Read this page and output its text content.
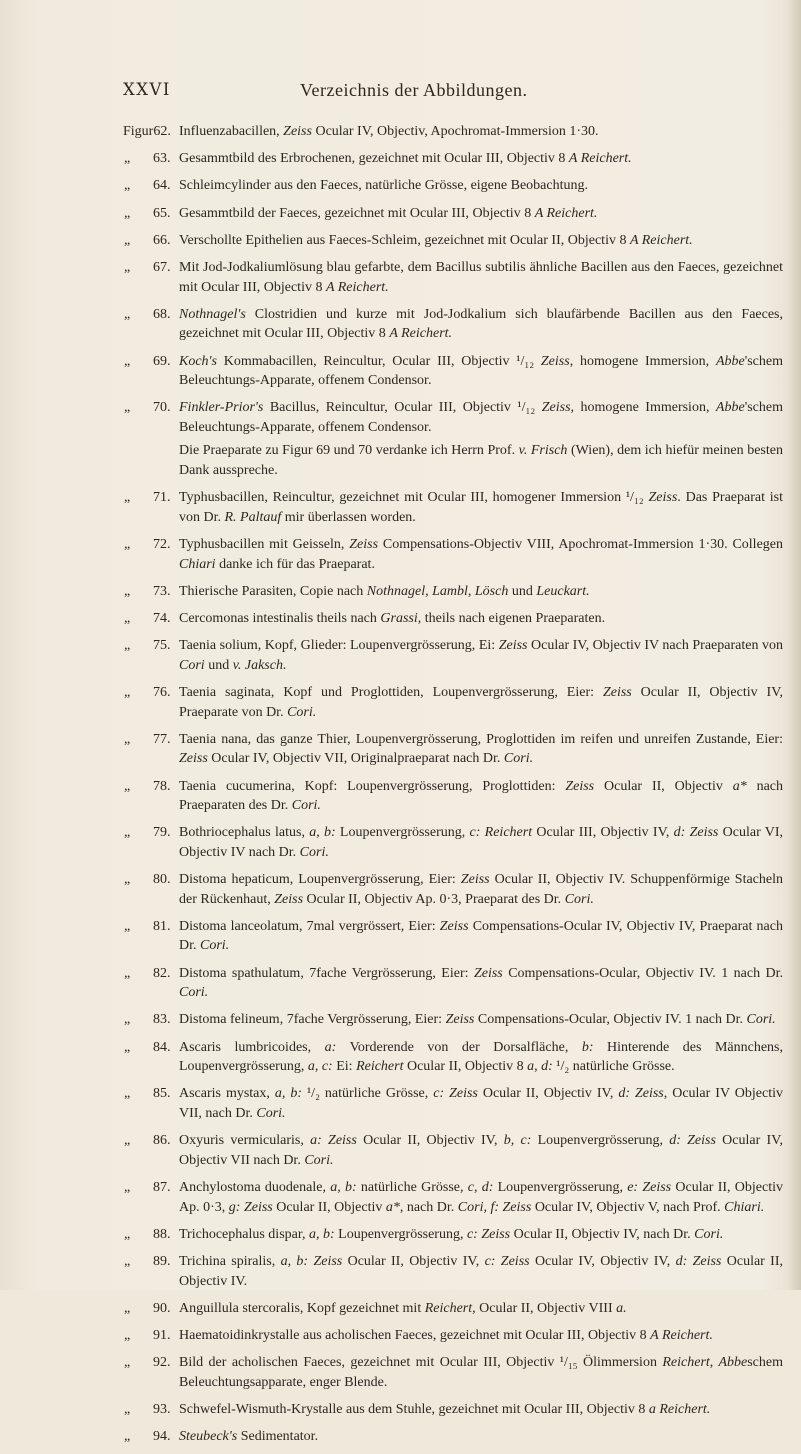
XXVI	Verzeichnis der Abbildungen.
Figur62. Influenzabacillen, Zeiss Ocular IV, Objectiv, Apochromat-Immersion 1·30.

„ 63. Gesammtbild des Erbrochenen, gezeichnet mit Ocular III, Objectiv 8 A Reichert.

„ 64. Schleimcylinder aus den Faeces, natürliche Grösse, eigene Beobachtung.

„ 65. Gesammtbild der Faeces, gezeichnet mit Ocular III, Objectiv 8 A Reichert.

„ 66. Verschollte Epithelien aus Faeces-Schleim, gezeichnet mit Ocular II, Objectiv 8 A Reichert.

„ 67. Mit Jod-Jodkaliumlösung blau gefarbte, dem Bacillus subtilis ähnliche Bacillen aus den Faeces, gezeichnet mit Ocular III, Objectiv 8 A Reichert.

„ 68. Nothnagel's Clostridien und kurze mit Jod-Jodkalium sich blaufärbende Bacillen aus den Faeces, gezeichnet mit Ocular III, Objectiv 8 A Reichert.

„ 69. Koch's Kommabacillen, Reincultur, Ocular III, Objectiv ¹/₁₂ Zeiss, homogene Immersion, Abbe'schem Beleuchtungs-Apparate, offenem Condensor.

„ 70. Finkler-Prior's Bacillus, Reincultur, Ocular III, Objectiv ¹/₁₂ Zeiss, homogene Immersion, Abbe'schem Beleuchtungs-Apparate, offenem Condensor.

Die Praeparate zu Figur 69 und 70 verdanke ich Herrn Prof. v. Frisch (Wien), dem ich hiefür meinen besten Dank ausspreche.

„ 71. Typhusbacillen, Reincultur, gezeichnet mit Ocular III, homogener Immersion ¹/₁₂ Zeiss. Das Praeparat ist von Dr. R. Paltauf mir überlassen worden.

„ 72. Typhusbacillen mit Geisseln, Zeiss Compensations-Objectiv VIII, Apochromat-Immersion 1·30. Collegen Chiari danke ich für das Praeparat.

„ 73. Thierische Parasiten, Copie nach Nothnagel, Lambl, Lösch und Leuckart.

„ 74. Cercomonas intestinalis theils nach Grassi, theils nach eigenen Praeparaten.

„ 75. Taenia solium, Kopf, Glieder: Loupenvergrösserung, Ei: Zeiss Ocular IV, Objectiv IV nach Praeparaten von Cori und v. Jaksch.

„ 76. Taenia saginata, Kopf und Proglottiden, Loupenvergrösserung, Eier: Zeiss Ocular II, Objectiv IV, Praeparate von Dr. Cori.

„ 77. Taenia nana, das ganze Thier, Loupenvergrösserung, Proglottiden im reifen und unreifen Zustande, Eier: Zeiss Ocular IV, Objectiv VII, Originalpraeparat nach Dr. Cori.

„ 78. Taenia cucumerina, Kopf: Loupenvergrösserung, Proglottiden: Zeiss Ocular II, Objectiv a* nach Praeparaten des Dr. Cori.

„ 79. Bothriocephalus latus, a, b: Loupenvergrösserung, c: Reichert Ocular III, Objectiv IV, d: Zeiss Ocular VI, Objectiv IV nach Dr. Cori.

„ 80. Distoma hepaticum, Loupenvergrösserung, Eier: Zeiss Ocular II, Objectiv IV. Schuppenförmige Stacheln der Rückenhaut, Zeiss Ocular II, Objectiv Ap. 0·3, Praeparat des Dr. Cori.

„ 81. Distoma lanceolatum, 7mal vergrössert, Eier: Zeiss Compensations-Ocular IV, Objectiv IV, Praeparat nach Dr. Cori.

„ 82. Distoma spathulatum, 7fache Vergrösserung, Eier: Zeiss Compensations-Ocular, Objectiv IV. 1 nach Dr. Cori.

„ 83. Distoma felineum, 7fache Vergrösserung, Eier: Zeiss Compensations-Ocular, Objectiv IV. 1 nach Dr. Cori.

„ 84. Ascaris lumbricoides, a: Vorderende von der Dorsalfläche, b: Hinterende des Männchens, Loupenvergrösserung, a, c: Ei: Reichert Ocular II, Objectiv 8 a, d: ¹/₂ natürliche Grösse.

„ 85. Ascaris mystax, a, b: ¹/₂ natürliche Grösse, c: Zeiss Ocular II, Objectiv IV, d: Zeiss, Ocular IV Objectiv VII, nach Dr. Cori.

„ 86. Oxyuris vermicularis, a: Zeiss Ocular II, Objectiv IV, b, c: Loupenvergrösserung, d: Zeiss Ocular IV, Objectiv VII nach Dr. Cori.

„ 87. Anchylostoma duodenale, a, b: natürliche Grösse, c, d: Loupenvergrösserung, e: Zeiss Ocular II, Objectiv Ap. 0·3, g: Zeiss Ocular II, Objectiv a*, nach Dr. Cori, f: Zeiss Ocular IV, Objectiv V, nach Prof. Chiari.

„ 88. Trichocephalus dispar, a, b: Loupenvergrösserung, c: Zeiss Ocular II, Objectiv IV, nach Dr. Cori.

„ 89. Trichina spiralis, a, b: Zeiss Ocular II, Objectiv IV, c: Zeiss Ocular IV, Objectiv IV, d: Zeiss Ocular II, Objectiv IV.

„ 90. Anguillula stercoralis, Kopf gezeichnet mit Reichert, Ocular II, Objectiv VIII a.

„ 91. Haematoidinkrystalle aus acholischen Faeces, gezeichnet mit Ocular III, Objectiv 8 A Reichert.

„ 92. Bild der acholischen Faeces, gezeichnet mit Ocular III, Objectiv ¹/₁₅ Ölimmersion Reichert, Abbeschem Beleuchtungsapparate, enger Blende.

„ 93. Schwefel-Wismuth-Krystalle aus dem Stuhle, gezeichnet mit Ocular III, Objectiv 8 a Reichert.

„ 94. Steubeck's Sedimentator.
